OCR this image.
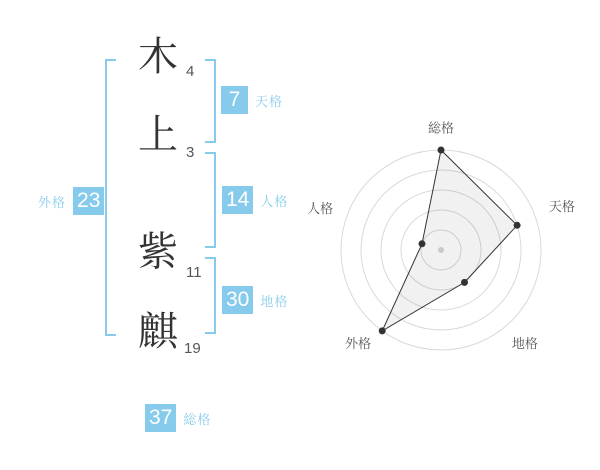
木 4
上 3
紫 11
麒 19
7	天格
14 人格
30 地格
外格 23
37 総格
総格
天格
地格
外格
人格
